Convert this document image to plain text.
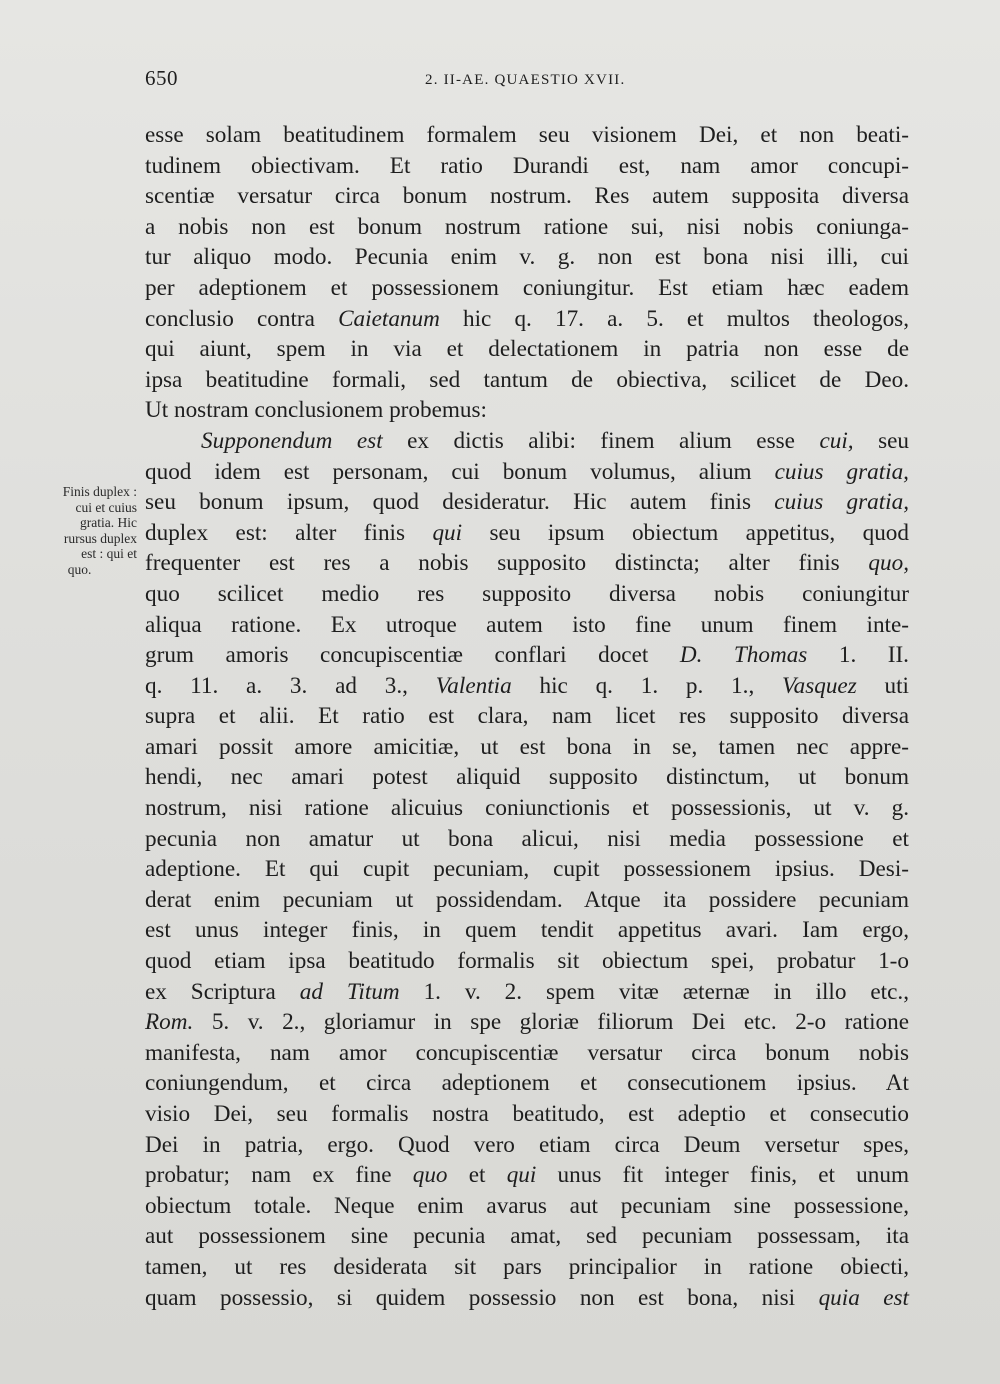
650	2. II-AE. QUAESTIO XVII.
Finis duplex :
cui et cuius
gratia. Hic
rursus duplex
est : qui et
quo.
esse solam beatitudinem formalem seu visionem Dei, et non beati-
tudinem obiectivam. Et ratio Durandi est, nam amor concupi-
scentiæ versatur circa bonum nostrum. Res autem supposita diversa
a nobis non est bonum nostrum ratione sui, nisi nobis coniunga-
tur aliquo modo. Pecunia enim v. g. non est bona nisi illi, cui
per adeptionem et possessionem coniungitur. Est etiam hæc eadem
conclusio contra Caietanum hic q. 17. a. 5. et multos theologos,
qui aiunt, spem in via et delectationem in patria non esse de
ipsa beatitudine formali, sed tantum de obiectiva, scilicet de Deo.
Ut nostram conclusionem probemus:
Supponendum est ex dictis alibi: finem alium esse cui, seu
quod idem est personam, cui bonum volumus, alium cuius gratia,
seu bonum ipsum, quod desideratur. Hic autem finis cuius gratia,
duplex est: alter finis qui seu ipsum obiectum appetitus, quod
frequenter est res a nobis supposito distincta; alter finis quo,
quo scilicet medio res supposito diversa nobis coniungitur
aliqua ratione. Ex utroque autem isto fine unum finem inte-
grum amoris concupiscentiæ conflari docet D. Thomas 1. II.
q. 11. a. 3. ad 3., Valentia hic q. 1. p. 1., Vasquez uti
supra et alii. Et ratio est clara, nam licet res supposito diversa
amari possit amore amicitiæ, ut est bona in se, tamen nec appre-
hendi, nec amari potest aliquid supposito distinctum, ut bonum
nostrum, nisi ratione alicuius coniunctionis et possessionis, ut v. g.
pecunia non amatur ut bona alicui, nisi media possessione et
adeptione. Et qui cupit pecuniam, cupit possessionem ipsius. Desi-
derat enim pecuniam ut possidendam. Atque ita possidere pecuniam
est unus integer finis, in quem tendit appetitus avari. Iam ergo,
quod etiam ipsa beatitudo formalis sit obiectum spei, probatur 1-o
ex Scriptura ad Titum 1. v. 2. spem vitæ æternæ in illo etc.,
Rom. 5. v. 2., gloriamur in spe gloriæ filiorum Dei etc. 2-o ratione
manifesta, nam amor concupiscentiæ versatur circa bonum nobis
coniungendum, et circa adeptionem et consecutionem ipsius. At
visio Dei, seu formalis nostra beatitudo, est adeptio et consecutio
Dei in patria, ergo. Quod vero etiam circa Deum versetur spes,
probatur; nam ex fine quo et qui unus fit integer finis, et unum
obiectum totale. Neque enim avarus aut pecuniam sine possessione,
aut possessionem sine pecunia amat, sed pecuniam possessam, ita
tamen, ut res desiderata sit pars principalior in ratione obiecti,
quam possessio, si quidem possessio non est bona, nisi quia est
